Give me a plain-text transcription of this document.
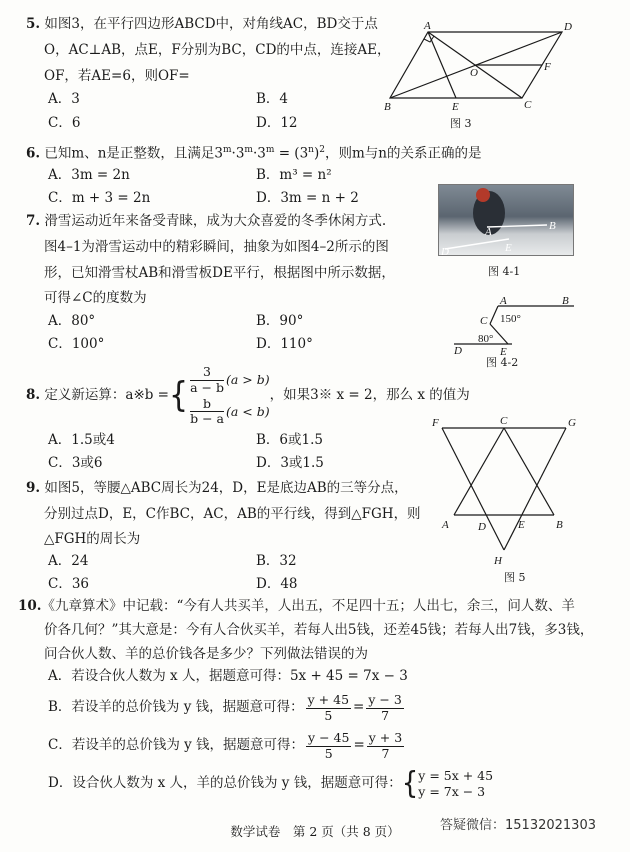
5. 如图3，在平行四边形ABCD中，对角线AC，BD交于点
O，AC⊥AB，点E，F分别为BC，CD的中点，连接AE，
OF，若AE=6，则OF=
A．3	B．4
C．6	D．12
A	D
O	F
B	E	C
图 3
6. 已知m、n是正整数，且满足$3^m\cdot 3^m\cdot 3^m = (3^n)^2$，则m与n的关系正确的是
A．3m = 2n	B．m³ = n²
C．m + 3 = 2n	D．3m = n + 2
7. 滑雪运动近年来备受青睐，成为大众喜爱的冬季休闲方式.
图4–1为滑雪运动中的精彩瞬间，抽象为如图4–2所示的图
形，已知滑雪杖AB和滑雪板DE平行，根据图中所示数据，
可得∠C的度数为
A．80°	B．90°
C．100°	D．110°
A	B
D	E
图 4-1
A	B
C 150°
80°
D	E
图 4-2
8.
定义新运算：a※b = { $\frac{3}{a - b} (a > b)$
$\frac{b}{b - a} (a < b)$
，如果3※ x = 2，那么 x 的值为
A．1.5或4	B．6或1.5
C．3或6	D．3或1.5
9. 如图5，等腰△ABC周长为24，D，E是底边AB的三等分点，
分别过点D，E，C作BC，AC，AB的平行线，得到△FGH，则
△FGH的周长为
A．24	B．32
C．36	D．48
F	C	G
A	D	E	B
H
图 5
10.《九章算术》中记载：“今有人共买羊，人出五，不足四十五；人出七，余三，问人数、羊
价各几何？”其大意是：今有人合伙买羊，若每人出5钱，还差45钱；若每人出7钱，多3钱，
问合伙人数、羊的总价钱各是多少？下列做法错误的为
A．若设合伙人数为 x 人，据题意可得：5x + 45 = 7x − 3
B．若设羊的总价钱为 y 钱，据题意可得： $\frac{y + 45}{5} = \frac{y - 3}{7}$
C．若设羊的总价钱为 y 钱，据题意可得： $\frac{y - 45}{5} = \frac{y + 3}{7}$
D．设合伙人数为 x 人，羊的总价钱为 y 钱，据题意可得： { y = 5x + 45
y = 7x − 3
数学试卷　第 2 页（共 8 页）	答疑微信：15132021303
